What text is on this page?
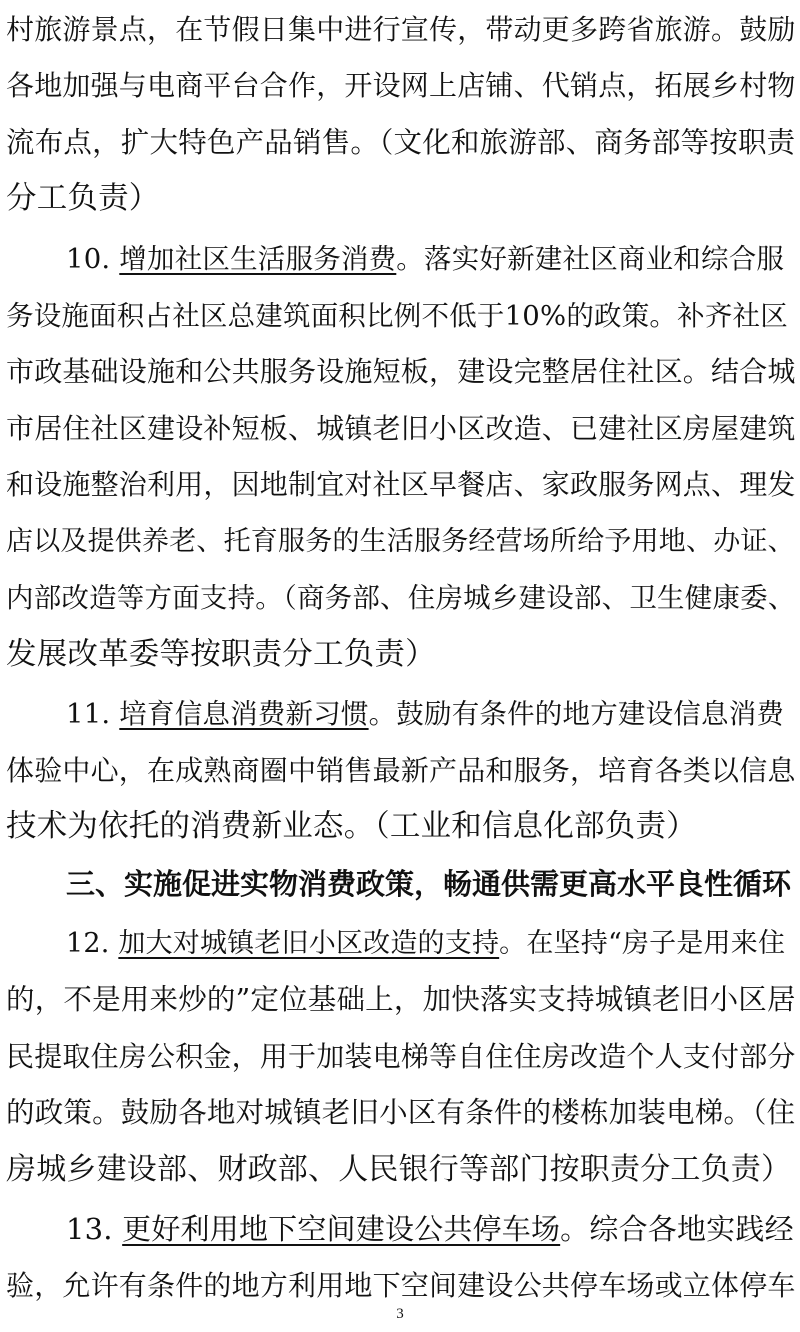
村旅游景点，在节假日集中进行宣传，带动更多跨省旅游。鼓励
各地加强与电商平台合作，开设网上店铺、代销点，拓展乡村物
流布点，扩大特色产品销售。（文化和旅游部、商务部等按职责
分工负责）
10. 增加社区生活服务消费。落实好新建社区商业和综合服
务设施面积占社区总建筑面积比例不低于10%的政策。补齐社区
市政基础设施和公共服务设施短板，建设完整居住社区。结合城
市居住社区建设补短板、城镇老旧小区改造、已建社区房屋建筑
和设施整治利用，因地制宜对社区早餐店、家政服务网点、理发
店以及提供养老、托育服务的生活服务经营场所给予用地、办证、
内部改造等方面支持。（商务部、住房城乡建设部、卫生健康委、
发展改革委等按职责分工负责）
11. 培育信息消费新习惯。鼓励有条件的地方建设信息消费
体验中心，在成熟商圈中销售最新产品和服务，培育各类以信息
技术为依托的消费新业态。（工业和信息化部负责）
三、实施促进实物消费政策，畅通供需更高水平良性循环
12. 加大对城镇老旧小区改造的支持。在坚持“房子是用来住
的，不是用来炒的”定位基础上，加快落实支持城镇老旧小区居
民提取住房公积金，用于加装电梯等自住住房改造个人支付部分
的政策。鼓励各地对城镇老旧小区有条件的楼栋加装电梯。（住
房城乡建设部、财政部、人民银行等部门按职责分工负责）
13. 更好利用地下空间建设公共停车场。综合各地实践经
验，允许有条件的地方利用地下空间建设公共停车场或立体停车
3
